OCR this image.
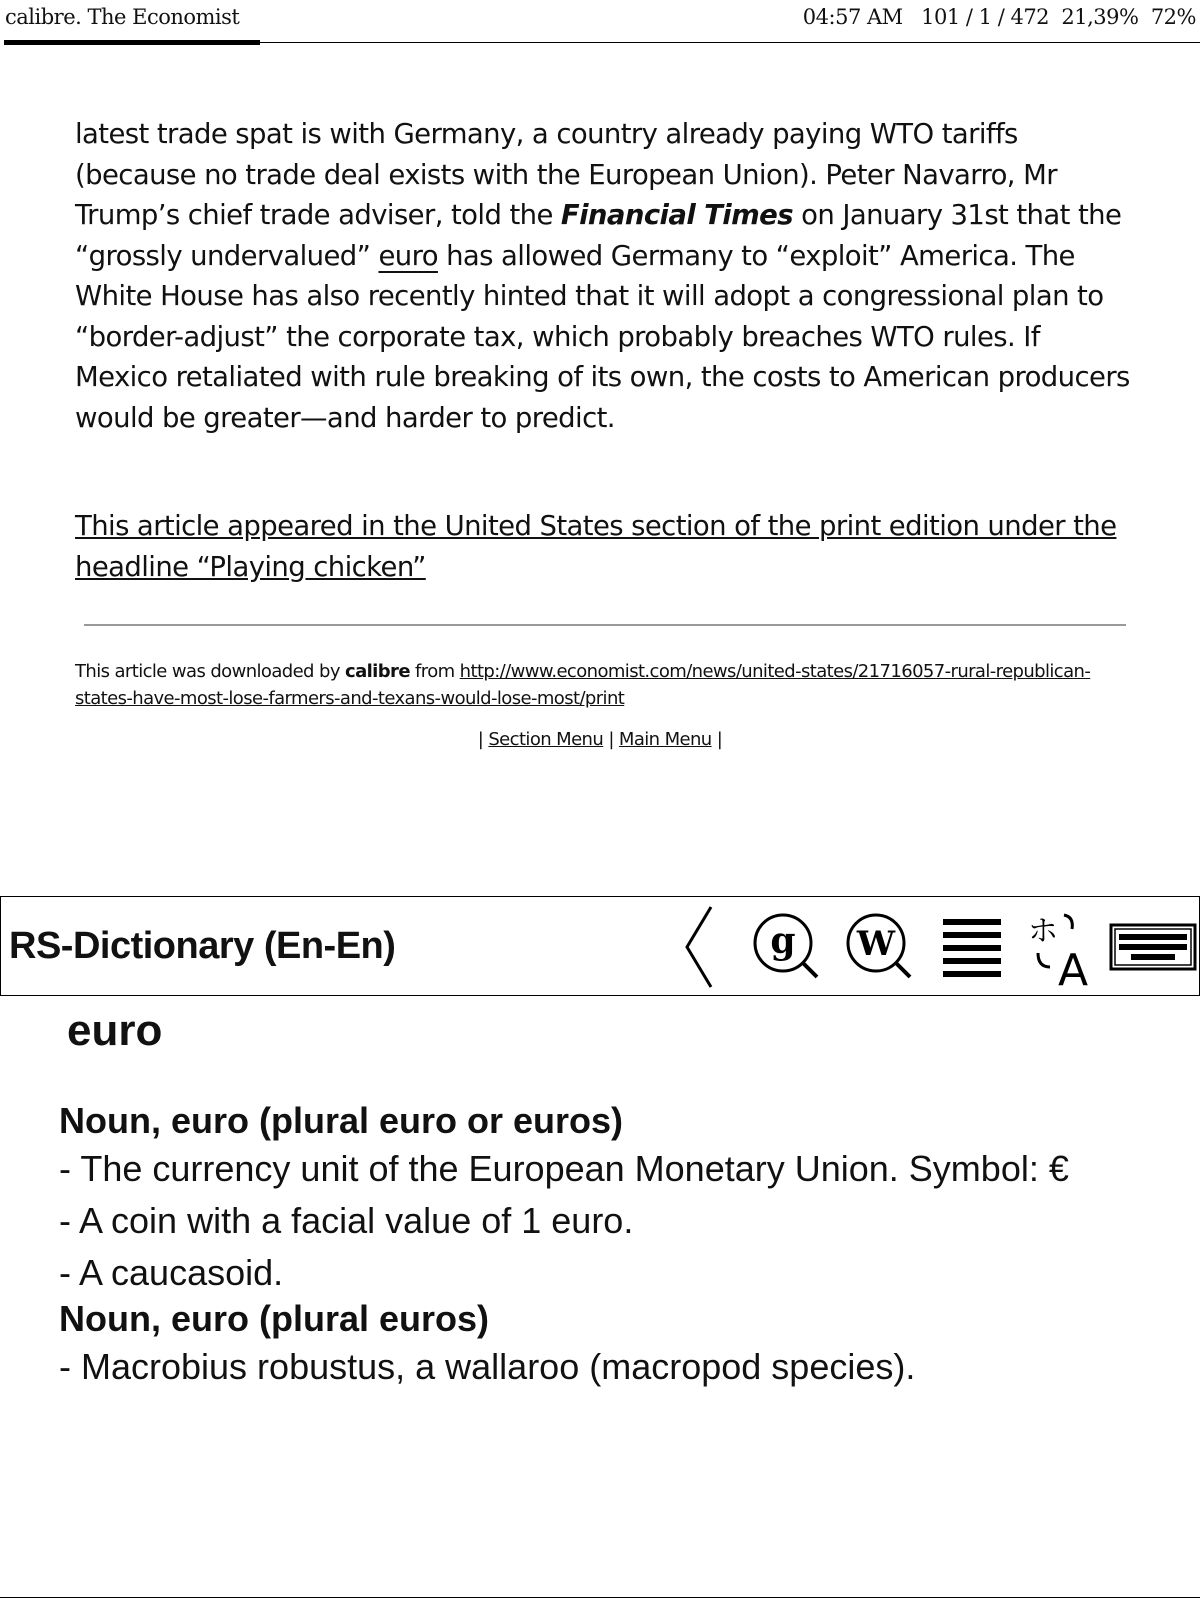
calibre. The Economist	04:57 AM   101 / 1 / 472  21,39%  72%
latest trade spat is with Germany, a country already paying WTO tariffs (because no trade deal exists with the European Union). Peter Navarro, Mr Trump’s chief trade adviser, told the Financial Times on January 31st that the “grossly undervalued” euro has allowed Germany to “exploit” America. The White House has also recently hinted that it will adopt a congressional plan to “border-adjust” the corporate tax, which probably breaches WTO rules. If Mexico retaliated with rule breaking of its own, the costs to American producers would be greater—and harder to predict.
This article appeared in the United States section of the print edition under the headline “Playing chicken”
This article was downloaded by calibre from http://www.economist.com/news/united-states/21716057-rural-republican-states-have-most-lose-farmers-and-texans-would-lose-most/print
| Section Menu | Main Menu |
RS-Dictionary (En-En)	g W	ホ
A
euro
Noun, euro (plural euro or euros)
- The currency unit of the European Monetary Union. Symbol: €
- A coin with a facial value of 1 euro.
- A caucasoid.
Noun, euro (plural euros)
- Macrobius robustus, a wallaroo (macropod species).
